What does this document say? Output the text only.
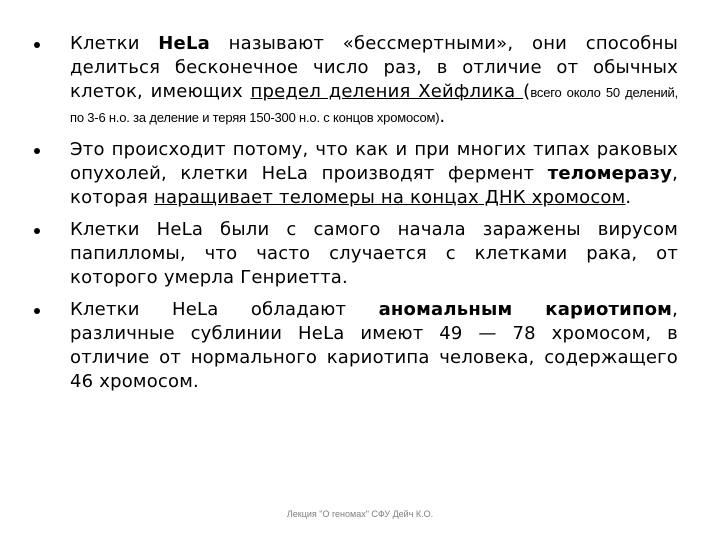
Клетки HeLa называют «бессмертными», они способны делиться бесконечное число раз, в отличие от обычных клеток, имеющих предел деления Хейфлика (всего около 50 делений, по 3-6 н.о. за деление и теряя 150-300 н.о. с концов хромосом).
Это происходит потому, что как и при многих типах раковых опухолей, клетки HeLa производят фермент теломеразу, которая наращивает теломеры на концах ДНК хромосом.
Клетки HeLa были с самого начала заражены вирусом папилломы, что часто случается с клетками рака, от которого умерла Генриетта.
Клетки HeLa обладают аномальным кариотипом, различные сублинии HeLa имеют 49 — 78 хромосом, в отличие от нормального кариотипа человека, содержащего 46 хромосом.
Лекция "О геномах" СФУ Дейч К.О.
